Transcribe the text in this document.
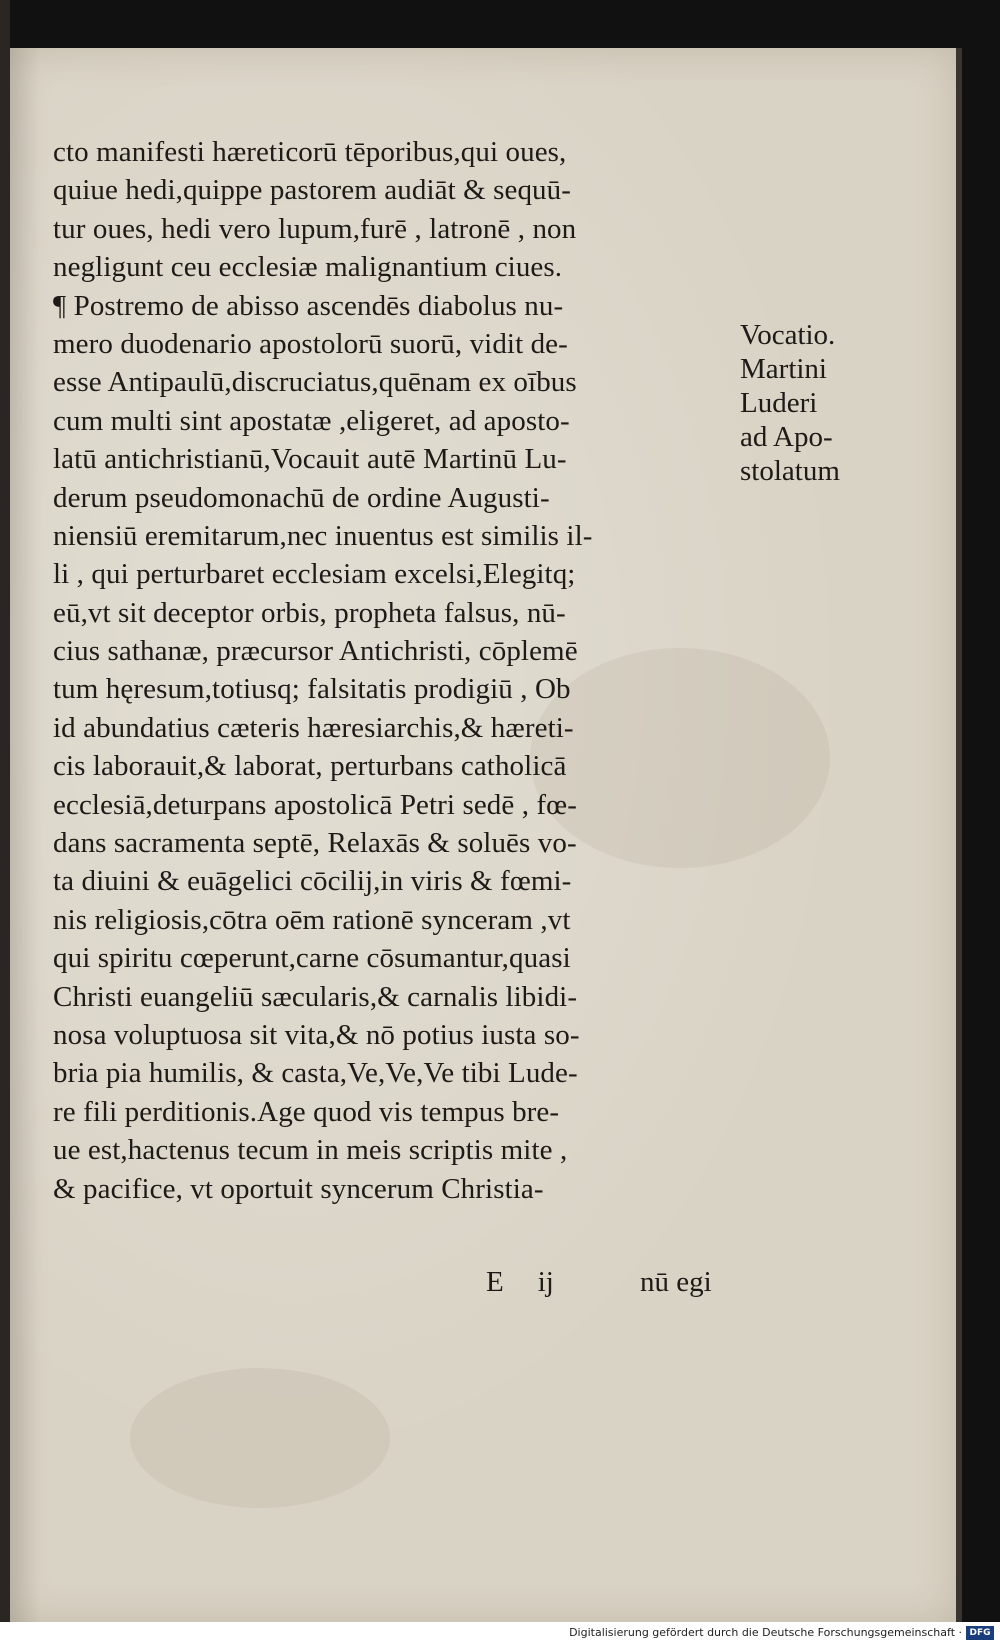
cto manifesti hæreticorū tēporibus,qui oues,
quiue hedi,quippe pastorem audiāt & sequū-
tur oues, hedi vero lupum,furē , latronē , non
negligunt ceu ecclesiæ malignantium ciues.
¶ Postremo de abisso ascendēs diabolus nu-
mero duodenario apostolorū suorū, vidit de-
esse Antipaulū,discruciatus,quēnam ex oībus
cum multi sint apostatæ ,eligeret, ad aposto-
latū antichristianū,Vocauit autē Martinū Lu-
derum pseudomonachū de ordine Augusti-
niensiū eremitarum,nec inuentus est similis il-
li , qui perturbaret ecclesiam excelsi,Elegitq;
eū,vt sit deceptor orbis, propheta falsus, nū-
cius sathanæ, præcursor Antichristi, cōplemē
tum hęresum,totiusq; falsitatis prodigiū , Ob
id abundatius cæteris hæresiarchis,& hæreti-
cis laborauit,& laborat, perturbans catholicā
ecclesiā,deturpans apostolicā Petri sedē , fœ-
dans sacramenta septē, Relaxās & soluēs vo-
ta diuini & euāgelici cōcilij,in viris & fœmi-
nis religiosis,cōtra oēm rationē synceram ,vt
qui spiritu cœperunt,carne cōsumantur,quasi
Christi euangeliū sæcularis,& carnalis libidi-
nosa voluptuosa sit vita,& nō potius iusta so-
bria pia humilis, & casta,Ve,Ve,Ve tibi Lude-
re fili perditionis.Age quod vis tempus bre-
ue est,hactenus tecum in meis scriptis mite ,
& pacifice, vt oportuit syncerum Christia-
Vocatio.
Martini
Luderi
ad Apo-
stolatum
E ij	nū egi
Digitalisierung gefördert durch die Deutsche Forschungsgemeinschaft · DFG
